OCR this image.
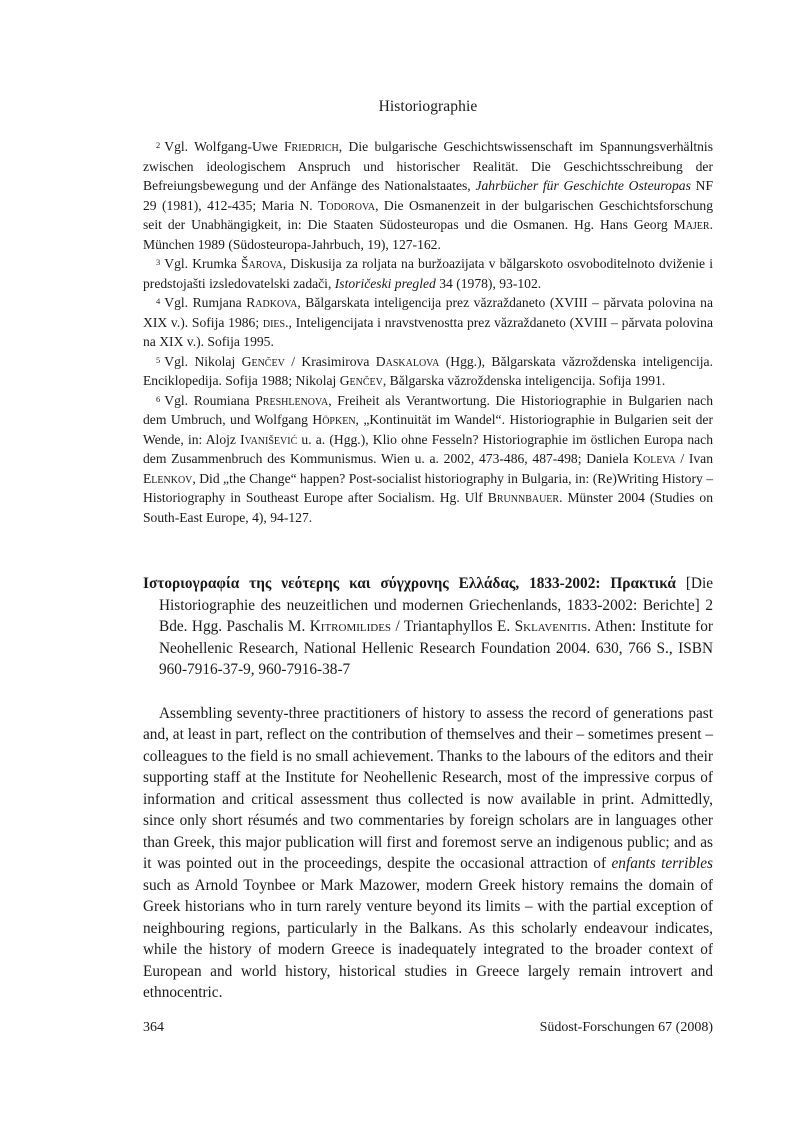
Historiographie

$^2$ Vgl. Wolfgang-Uwe Friedrich, Die bulgarische Geschichtswissenschaft im Spannungsverhältnis zwischen ideologischem Anspruch und historischer Realität. Die Geschichtsschreibung der Befreiungsbewegung und der Anfänge des Nationalstaates, Jahrbücher für Geschichte Osteuropas NF 29 (1981), 412-435; Maria N. Todorova, Die Osmanenzeit in der bulgarischen Geschichtsforschung seit der Unabhängigkeit, in: Die Staaten Südosteuropas und die Osmanen. Hg. Hans Georg Majer. München 1989 (Südosteuropa-Jahrbuch, 19), 127-162.

$^3$ Vgl. Krumka Šarova, Diskusija za roljata na buržoazijata v bălgarskoto osvoboditelnoto dviženie i predstojašti izsledovatelski zadači, Istoričeski pregled 34 (1978), 93-102.

$^4$ Vgl. Rumjana Radkova, Bălgarskata inteligencija prez văzraždaneto (XVIII – părvata polovina na XIX v.). Sofija 1986; dies., Inteligencijata i nravstvenostta prez văzraždaneto (XVIII – părvata polovina na XIX v.). Sofija 1995.

$^5$ Vgl. Nikolaj Genčev / Krasimirova Daskalova (Hgg.), Bălgarskata văzroždenska inteligencija. Enciklopedija. Sofija 1988; Nikolaj Genčev, Bălgarska văzroždenska inteligencija. Sofija 1991.

$^6$ Vgl. Roumiana Preshlenova, Freiheit als Verantwortung. Die Historiographie in Bulgarien nach dem Umbruch, und Wolfgang Höpken, „Kontinuität im Wandel“. Historiographie in Bulgarien seit der Wende, in: Alojz Ivanišević u. a. (Hgg.), Klio ohne Fesseln? Historiographie im östlichen Europa nach dem Zusammenbruch des Kommunismus. Wien u. a. 2002, 473-486, 487-498; Daniela Koleva / Ivan Elenkov, Did „the Change“ happen? Post-socialist historiography in Bulgaria, in: (Re)Writing History – Historiography in Southeast Europe after Socialism. Hg. Ulf Brunnbauer. Münster 2004 (Studies on South-East Europe, 4), 94-127.

Ιστοριογραφία της νεότερης και σύγχρονης Ελλάδας, 1833-2002: Πρακτικά [Die Historiographie des neuzeitlichen und modernen Griechenlands, 1833-2002: Berichte] 2 Bde. Hgg. Paschalis M. Kitromilides / Triantaphyllos E. Sklavenitis. Athen: Institute for Neohellenic Research, National Hellenic Research Foundation 2004. 630, 766 S., ISBN 960-7916-37-9, 960-7916-38-7

Assembling seventy-three practitioners of history to assess the record of generations past and, at least in part, reflect on the contribution of themselves and their – sometimes present – colleagues to the field is no small achievement. Thanks to the labours of the editors and their supporting staff at the Institute for Neohellenic Research, most of the impressive corpus of information and critical assessment thus collected is now available in print. Admittedly, since only short résumés and two commentaries by foreign scholars are in languages other than Greek, this major publication will first and foremost serve an indigenous public; and as it was pointed out in the proceedings, despite the occasional attraction of enfants terribles such as Arnold Toynbee or Mark Mazower, modern Greek history remains the domain of Greek historians who in turn rarely venture beyond its limits – with the partial exception of neighbouring regions, particularly in the Balkans. As this scholarly endeavour indicates, while the history of modern Greece is inadequately integrated to the broader context of European and world history, historical studies in Greece largely remain introvert and ethnocentric.

364	Südost-Forschungen 67 (2008)
